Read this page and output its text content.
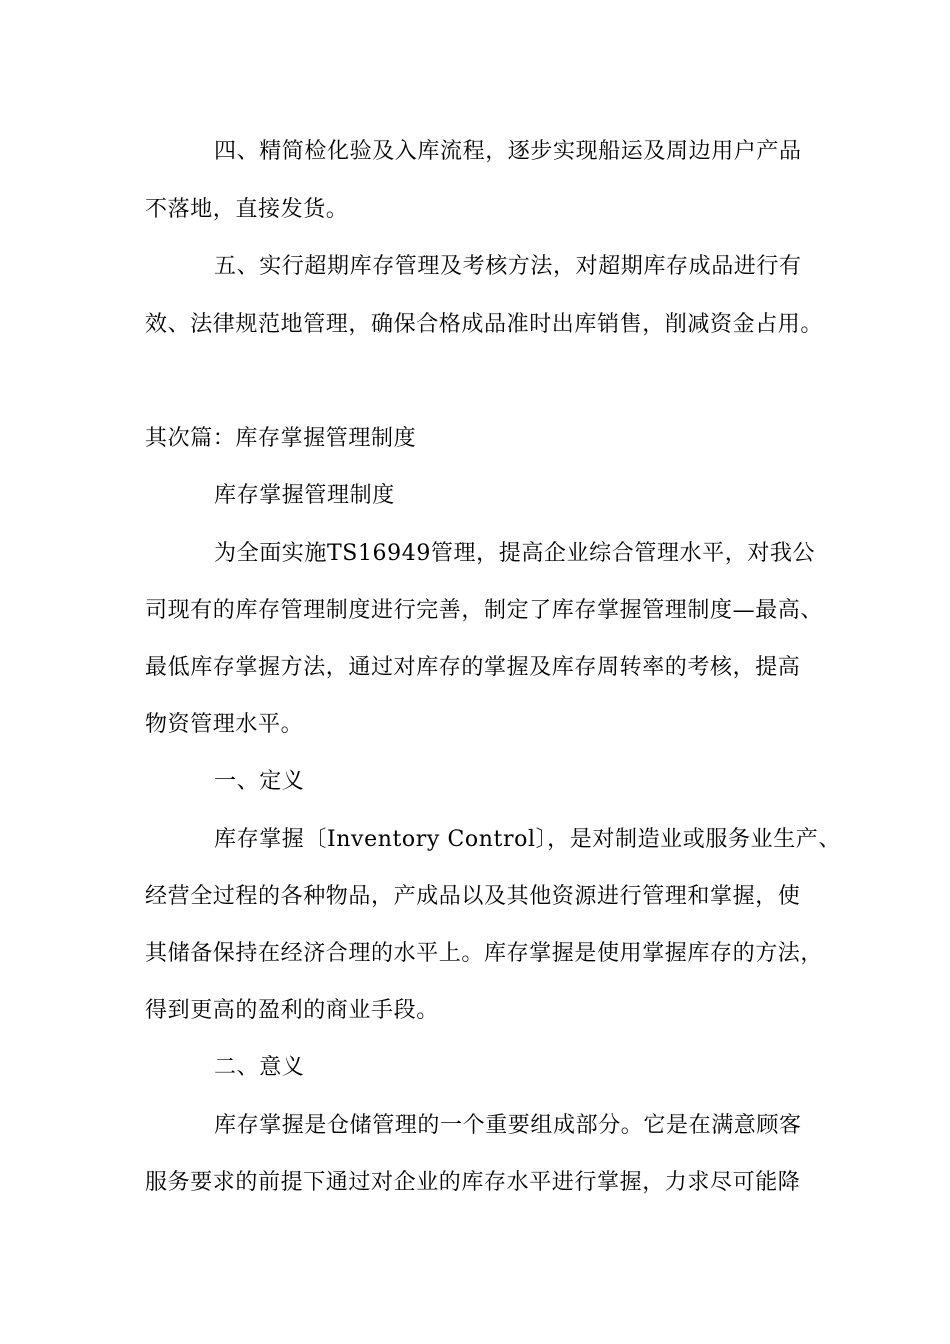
四、精简检化验及入库流程，逐步实现船运及周边用户产品
不落地，直接发货。
五、实行超期库存管理及考核方法，对超期库存成品进行有
效、法律规范地管理，确保合格成品准时出库销售，削减资金占用。
其次篇：库存掌握管理制度
库存掌握管理制度
为全面实施TS16949管理，提高企业综合管理水平，对我公
司现有的库存管理制度进行完善，制定了库存掌握管理制度—最高、
最低库存掌握方法，通过对库存的掌握及库存周转率的考核，提高
物资管理水平。
一、定义
库存掌握〔Inventory Control〕，是对制造业或服务业生产、
经营全过程的各种物品，产成品以及其他资源进行管理和掌握，使
其储备保持在经济合理的水平上。库存掌握是使用掌握库存的方法，
得到更高的盈利的商业手段。
二、意义
库存掌握是仓储管理的一个重要组成部分。它是在满意顾客
服务要求的前提下通过对企业的库存水平进行掌握，力求尽可能降
